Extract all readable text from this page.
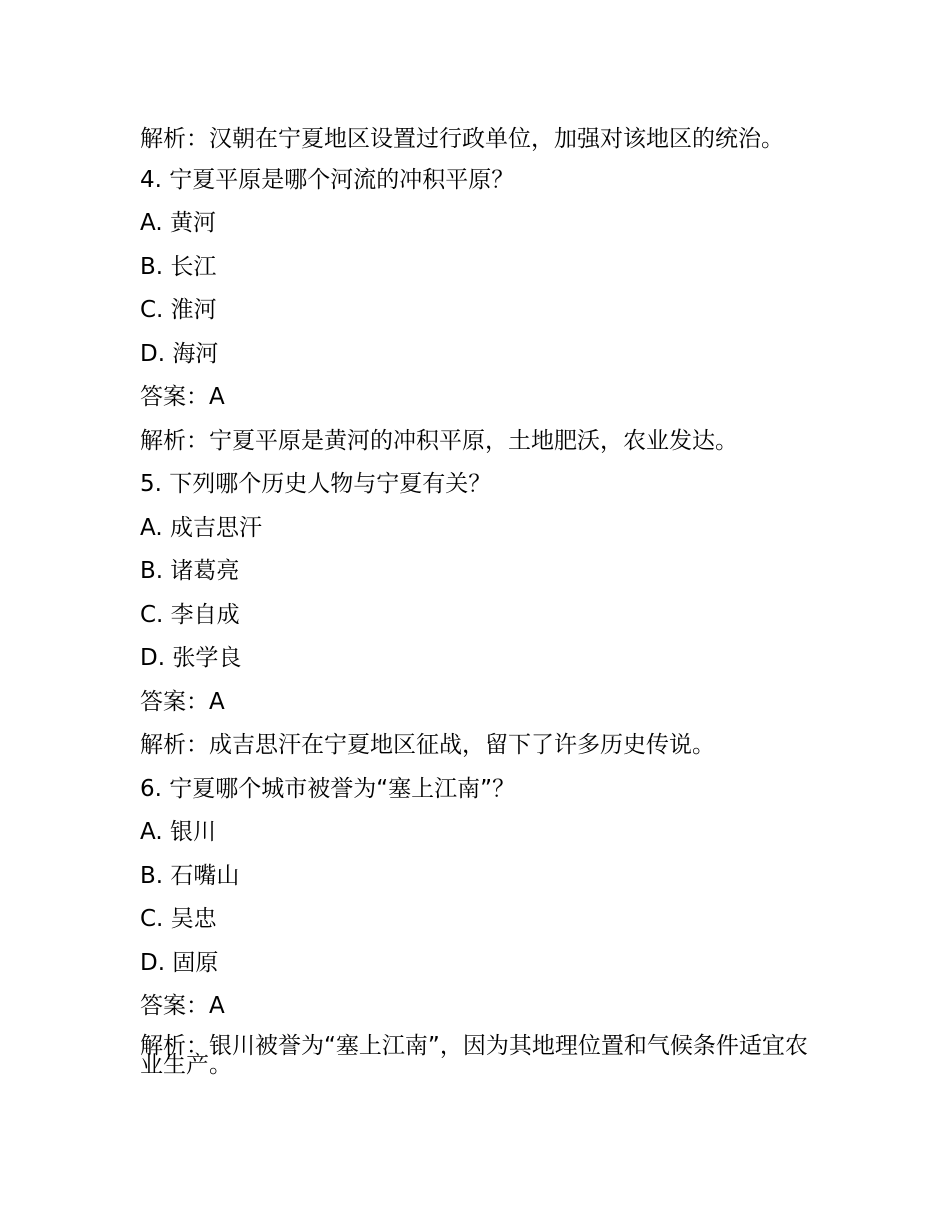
解析：汉朝在宁夏地区设置过行政单位，加强对该地区的统治。

4. 宁夏平原是哪个河流的冲积平原？

A. 黄河

B. 长江

C. 淮河

D. 海河

答案：A

解析：宁夏平原是黄河的冲积平原，土地肥沃，农业发达。

5. 下列哪个历史人物与宁夏有关？

A. 成吉思汗

B. 诸葛亮

C. 李自成

D. 张学良

答案：A

解析：成吉思汗在宁夏地区征战，留下了许多历史传说。

6. 宁夏哪个城市被誉为“塞上江南”？

A. 银川

B. 石嘴山

C. 吴忠

D. 固原

答案：A

解析：银川被誉为“塞上江南”，因为其地理位置和气候条件适宜农业生产。
